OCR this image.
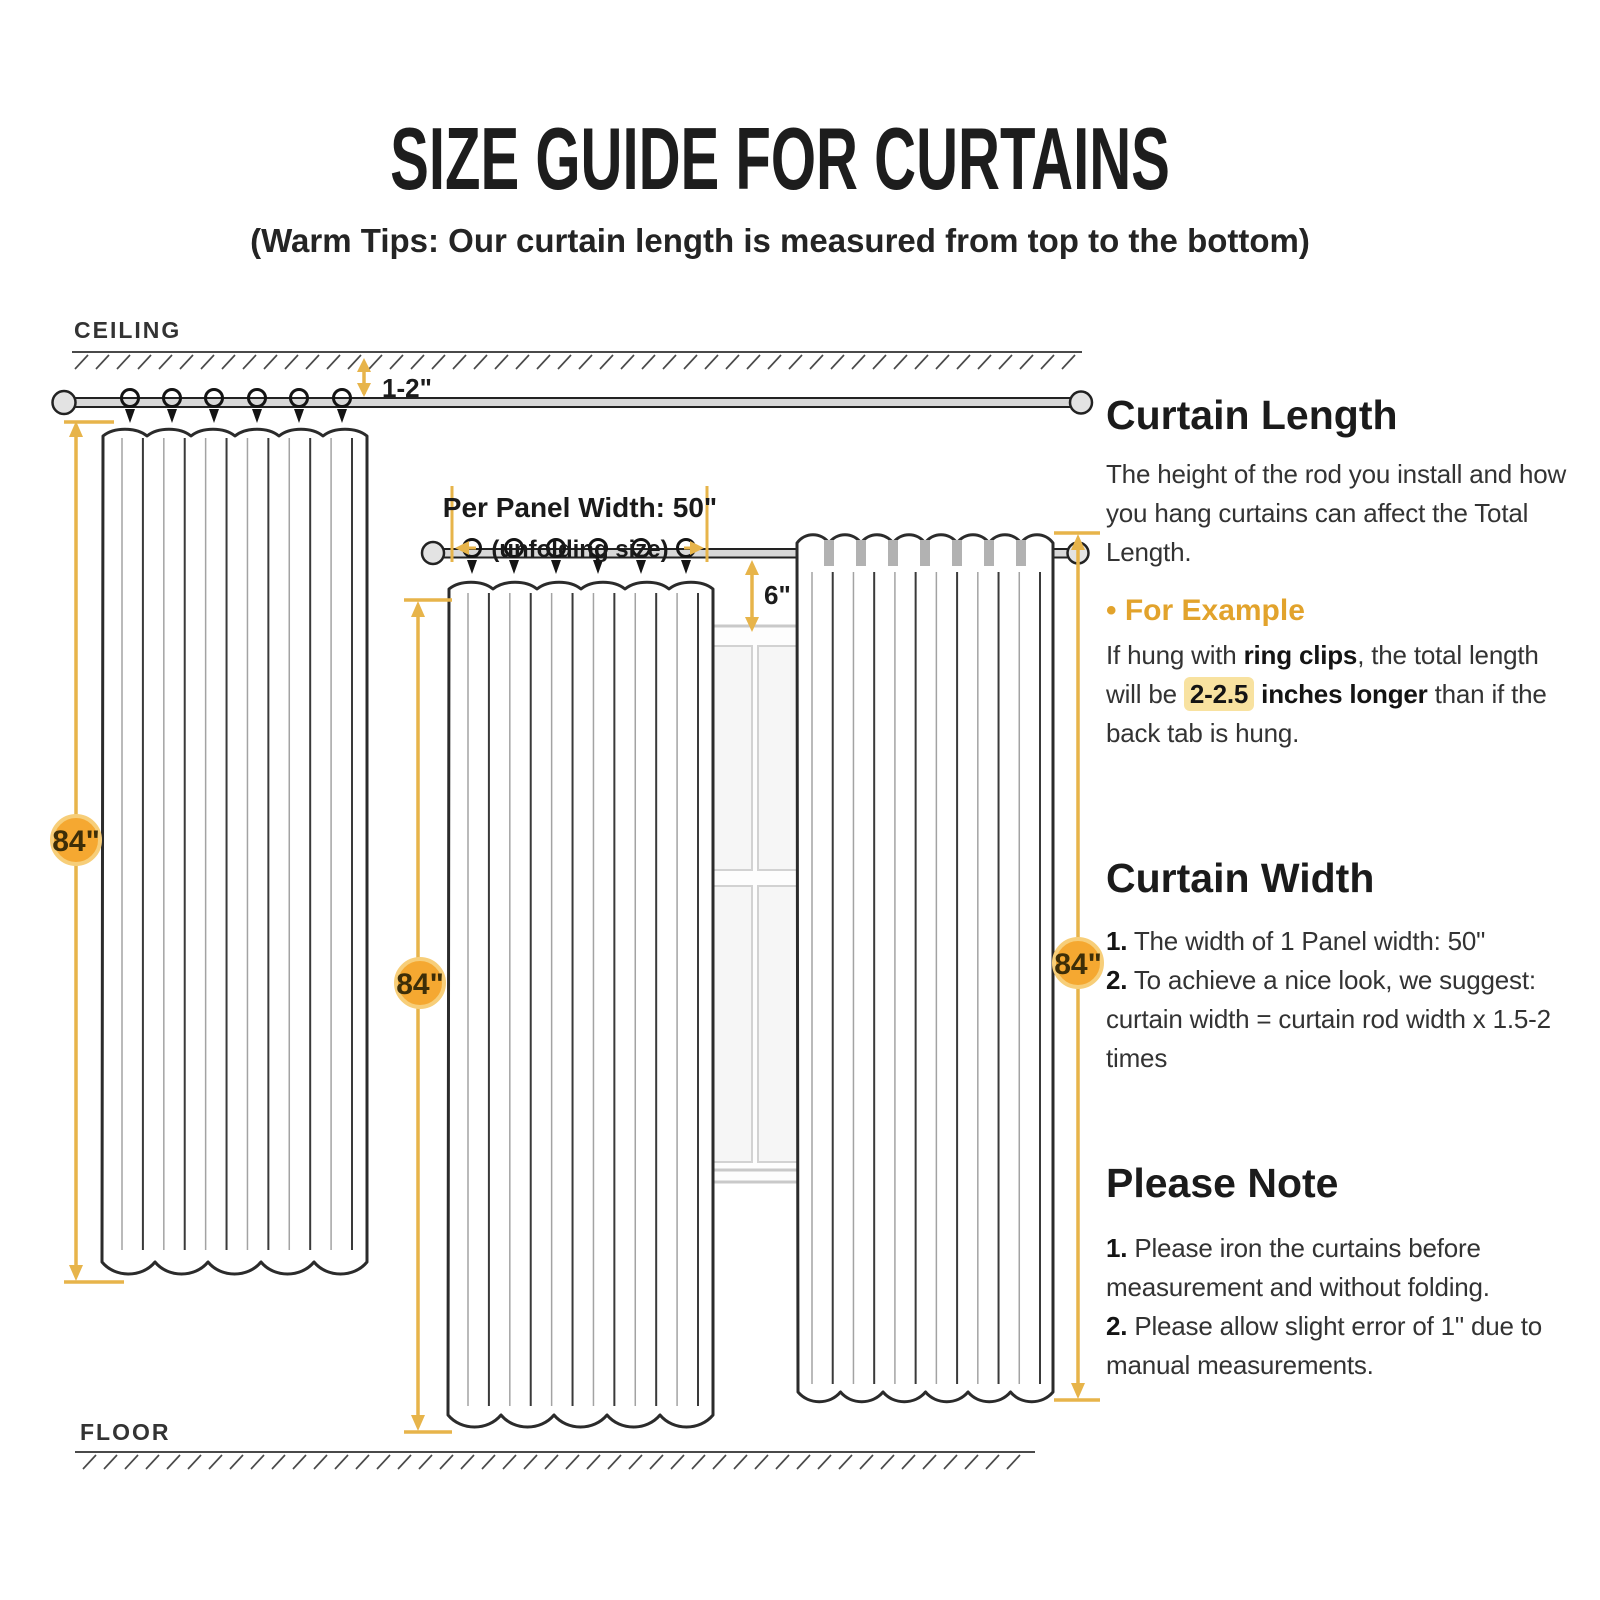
84"
1-2"
Per Panel Width: 50"
(unfolding size)
6"
84"
84"
CEILING
FLOOR
SIZE GUIDE FOR CURTAINS
(Warm Tips: Our curtain length is measured from top to the bottom)
Curtain Length

The height of the rod you install and how you hang curtains can affect the Total Length.

• For Example

If hung with ring clips, the total length will be 2-2.5 inches longer than if the back tab is hung.

Curtain Width

1. The width of 1 Panel width: 50"

2. To achieve a nice look, we suggest: curtain width = curtain rod width x 1.5-2 times

Please Note

1. Please iron the curtains before measurement and without folding.

2. Please allow slight error of 1" due to manual measurements.
